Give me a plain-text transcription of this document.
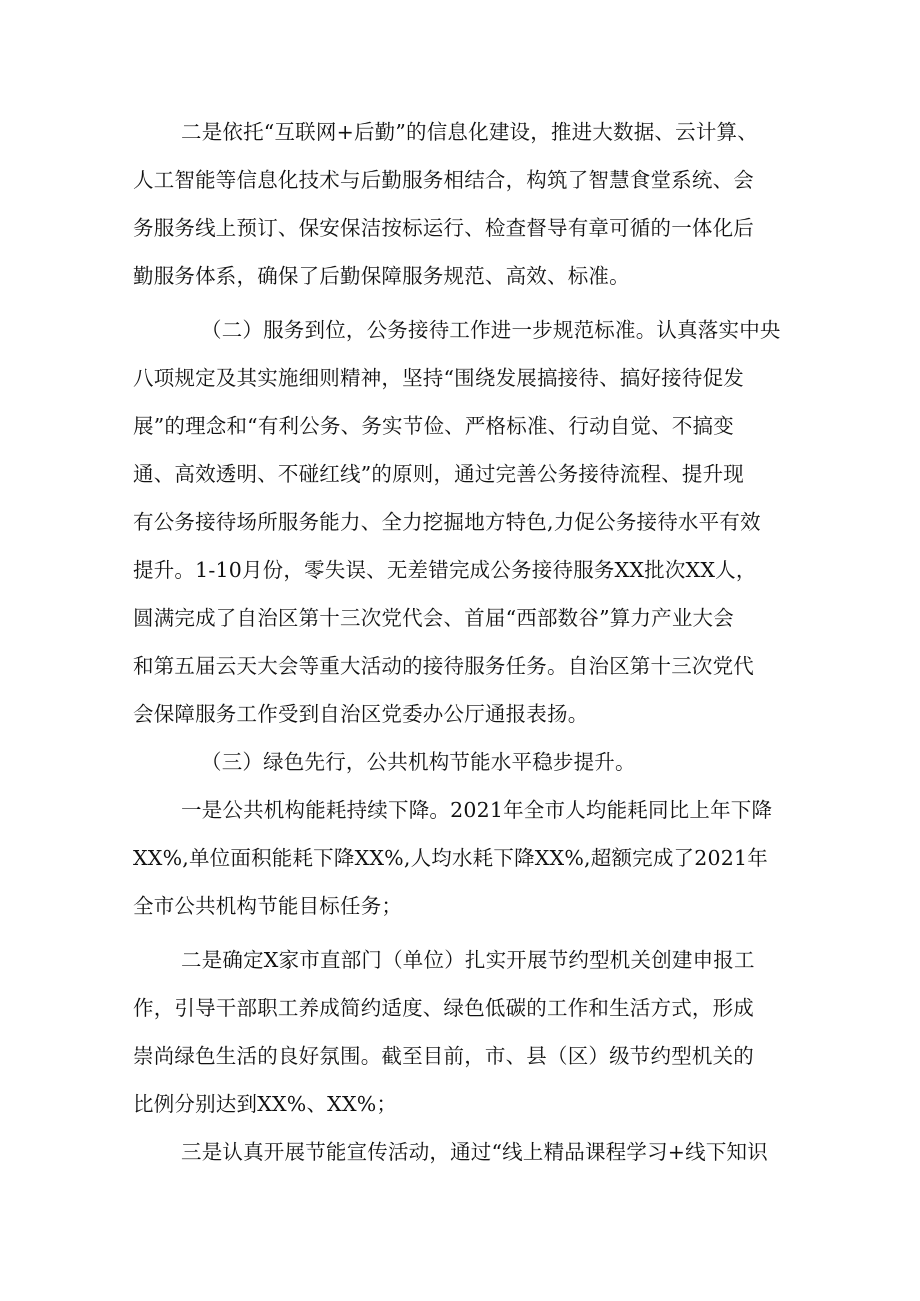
二是依托“互联网+后勤”的信息化建设，推进大数据、云计算、
人工智能等信息化技术与后勤服务相结合，构筑了智慧食堂系统、会
务服务线上预订、保安保洁按标运行、检查督导有章可循的一体化后
勤服务体系，确保了后勤保障服务规范、高效、标准。
（二）服务到位，公务接待工作进一步规范标准。认真落实中央
八项规定及其实施细则精神，坚持“围绕发展搞接待、搞好接待促发
展”的理念和“有利公务、务实节俭、严格标准、行动自觉、不搞变
通、高效透明、不碰红线”的原则，通过完善公务接待流程、提升现
有公务接待场所服务能力、全力挖掘地方特色,力促公务接待水平有效
提升。1-10月份，零失误、无差错完成公务接待服务XX批次XX人，
圆满完成了自治区第十三次党代会、首届“西部数谷”算力产业大会
和第五届云天大会等重大活动的接待服务任务。自治区第十三次党代
会保障服务工作受到自治区党委办公厅通报表扬。
（三）绿色先行，公共机构节能水平稳步提升。
一是公共机构能耗持续下降。2021年全市人均能耗同比上年下降
XX%,单位面积能耗下降XX%,人均水耗下降XX%,超额完成了2021年
全市公共机构节能目标任务；
二是确定X家市直部门（单位）扎实开展节约型机关创建申报工
作，引导干部职工养成简约适度、绿色低碳的工作和生活方式，形成
崇尚绿色生活的良好氛围。截至目前，市、县（区）级节约型机关的
比例分别达到XX%、XX%；
三是认真开展节能宣传活动，通过“线上精品课程学习+线下知识
